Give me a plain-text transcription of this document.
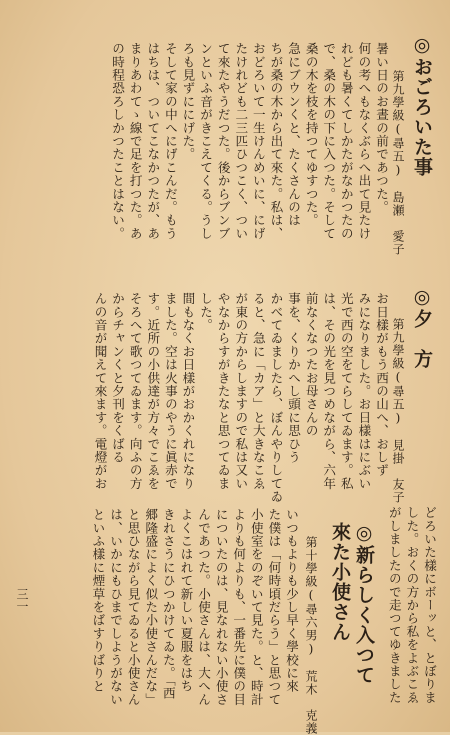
◎おごろいた事
第九學級(尋五)　島瀬　愛子
暑い日のお晝の前であつた。
何の考へもなくぶらへ出て見たけ
れども暑くてしかたがなかつたの
で、桑の木の下に入つた。そして
桑の木を枝を持つてゆすつた。
急にブウンくと、たくさんのは
ちが桑の木から出て來た。私は、
おどろいて一生けんめいに、にげ
たけれども二三匹ひつこく、つい
て來たやうだつた。後からブンブ
ンといふ音がきこえてくる。うし
ろも見ずににげた。
そして家の中へにげこんだ。もう
はちは、ついてこなかつたが、あ
まりあわてゝ線で足を打つた。あ
の時程恐ろしかつたことはない。
◎夕　方
第九學級(尋五)　見掛　友子
お日樣がもう西の山へ、おしず
みになりました。お日樣はにぶい
光で西の空をてらしてゐます。私
は、その光を見つめながら、六年
前なくなつたお母さんの
事を、くりかへし頭に思ひう
かべてゐましたら、ぼんやりしてゐ
ると、急に「カア」と大きなこゑ
が東の方からしますので私は又い
やなからすがきたなと思つてゐま
した。
間もなくお日樣がおかくれになり
ました。空は火事のやうに眞赤で
す。近所の小供達が方々でこゑを
そろへて歌つてゐます。向ふの方
からチャンくと夕刊をくばる
んの音が聞えて來ます。電燈がお
どろいた樣にボーッと、とぼりま
した。おくの方から私をよぶこゑ
がしましたので走つてゆきました
◎新らしく入つて
來た小使さん
第十學級(尋六男)　荒木　克義
いつもよりも少し早く學校に來
た僕は「何時頃だらう」と思つて
小使室をのぞいて見た。と、時計
よりも何よりも、一番先に僕の目
についたのは、見なれない小使さ
んであつた。小使さんは、大へん
よくこはれて新しい夏服をはち
きれさうにひつかけてゐた。「西
郷隆盛によく似た小使さんだな」
と思ひながら見てゐると小使さん
は、いかにもひまでしようがない
といふ樣に煙草をばすりばりと
三一
